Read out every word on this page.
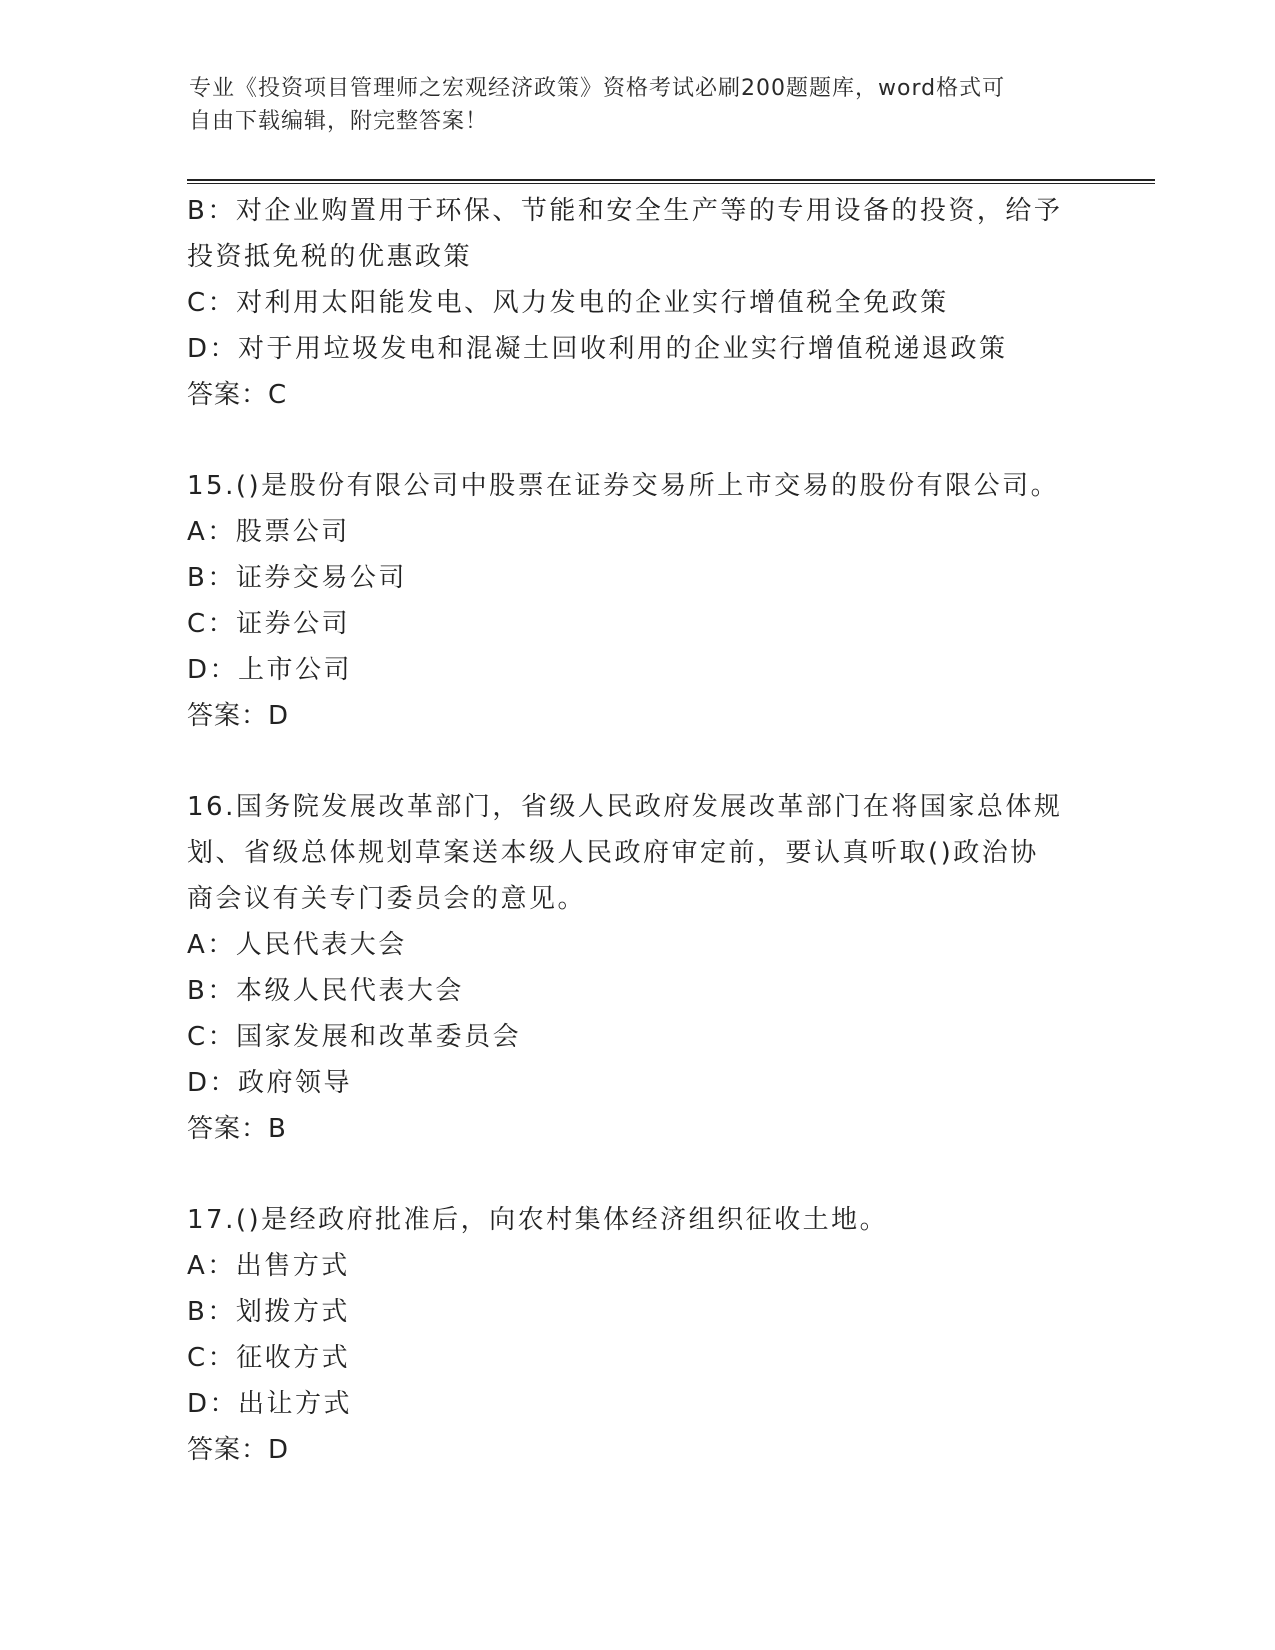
专业《投资项目管理师之宏观经济政策》资格考试必刷200题题库，word格式可
自由下载编辑，附完整答案！
B：对企业购置用于环保、节能和安全生产等的专用设备的投资，给予
投资抵免税的优惠政策
C：对利用太阳能发电、风力发电的企业实行增值税全免政策
D：对于用垃圾发电和混凝土回收利用的企业实行增值税递退政策
答案：C
15.()是股份有限公司中股票在证券交易所上市交易的股份有限公司。
A：股票公司
B：证券交易公司
C：证券公司
D：上市公司
答案：D
16.国务院发展改革部门，省级人民政府发展改革部门在将国家总体规
划、省级总体规划草案送本级人民政府审定前，要认真听取()政治协
商会议有关专门委员会的意见。
A：人民代表大会
B：本级人民代表大会
C：国家发展和改革委员会
D：政府领导
答案：B
17.()是经政府批准后，向农村集体经济组织征收土地。
A：出售方式
B：划拨方式
C：征收方式
D：出让方式
答案：D
